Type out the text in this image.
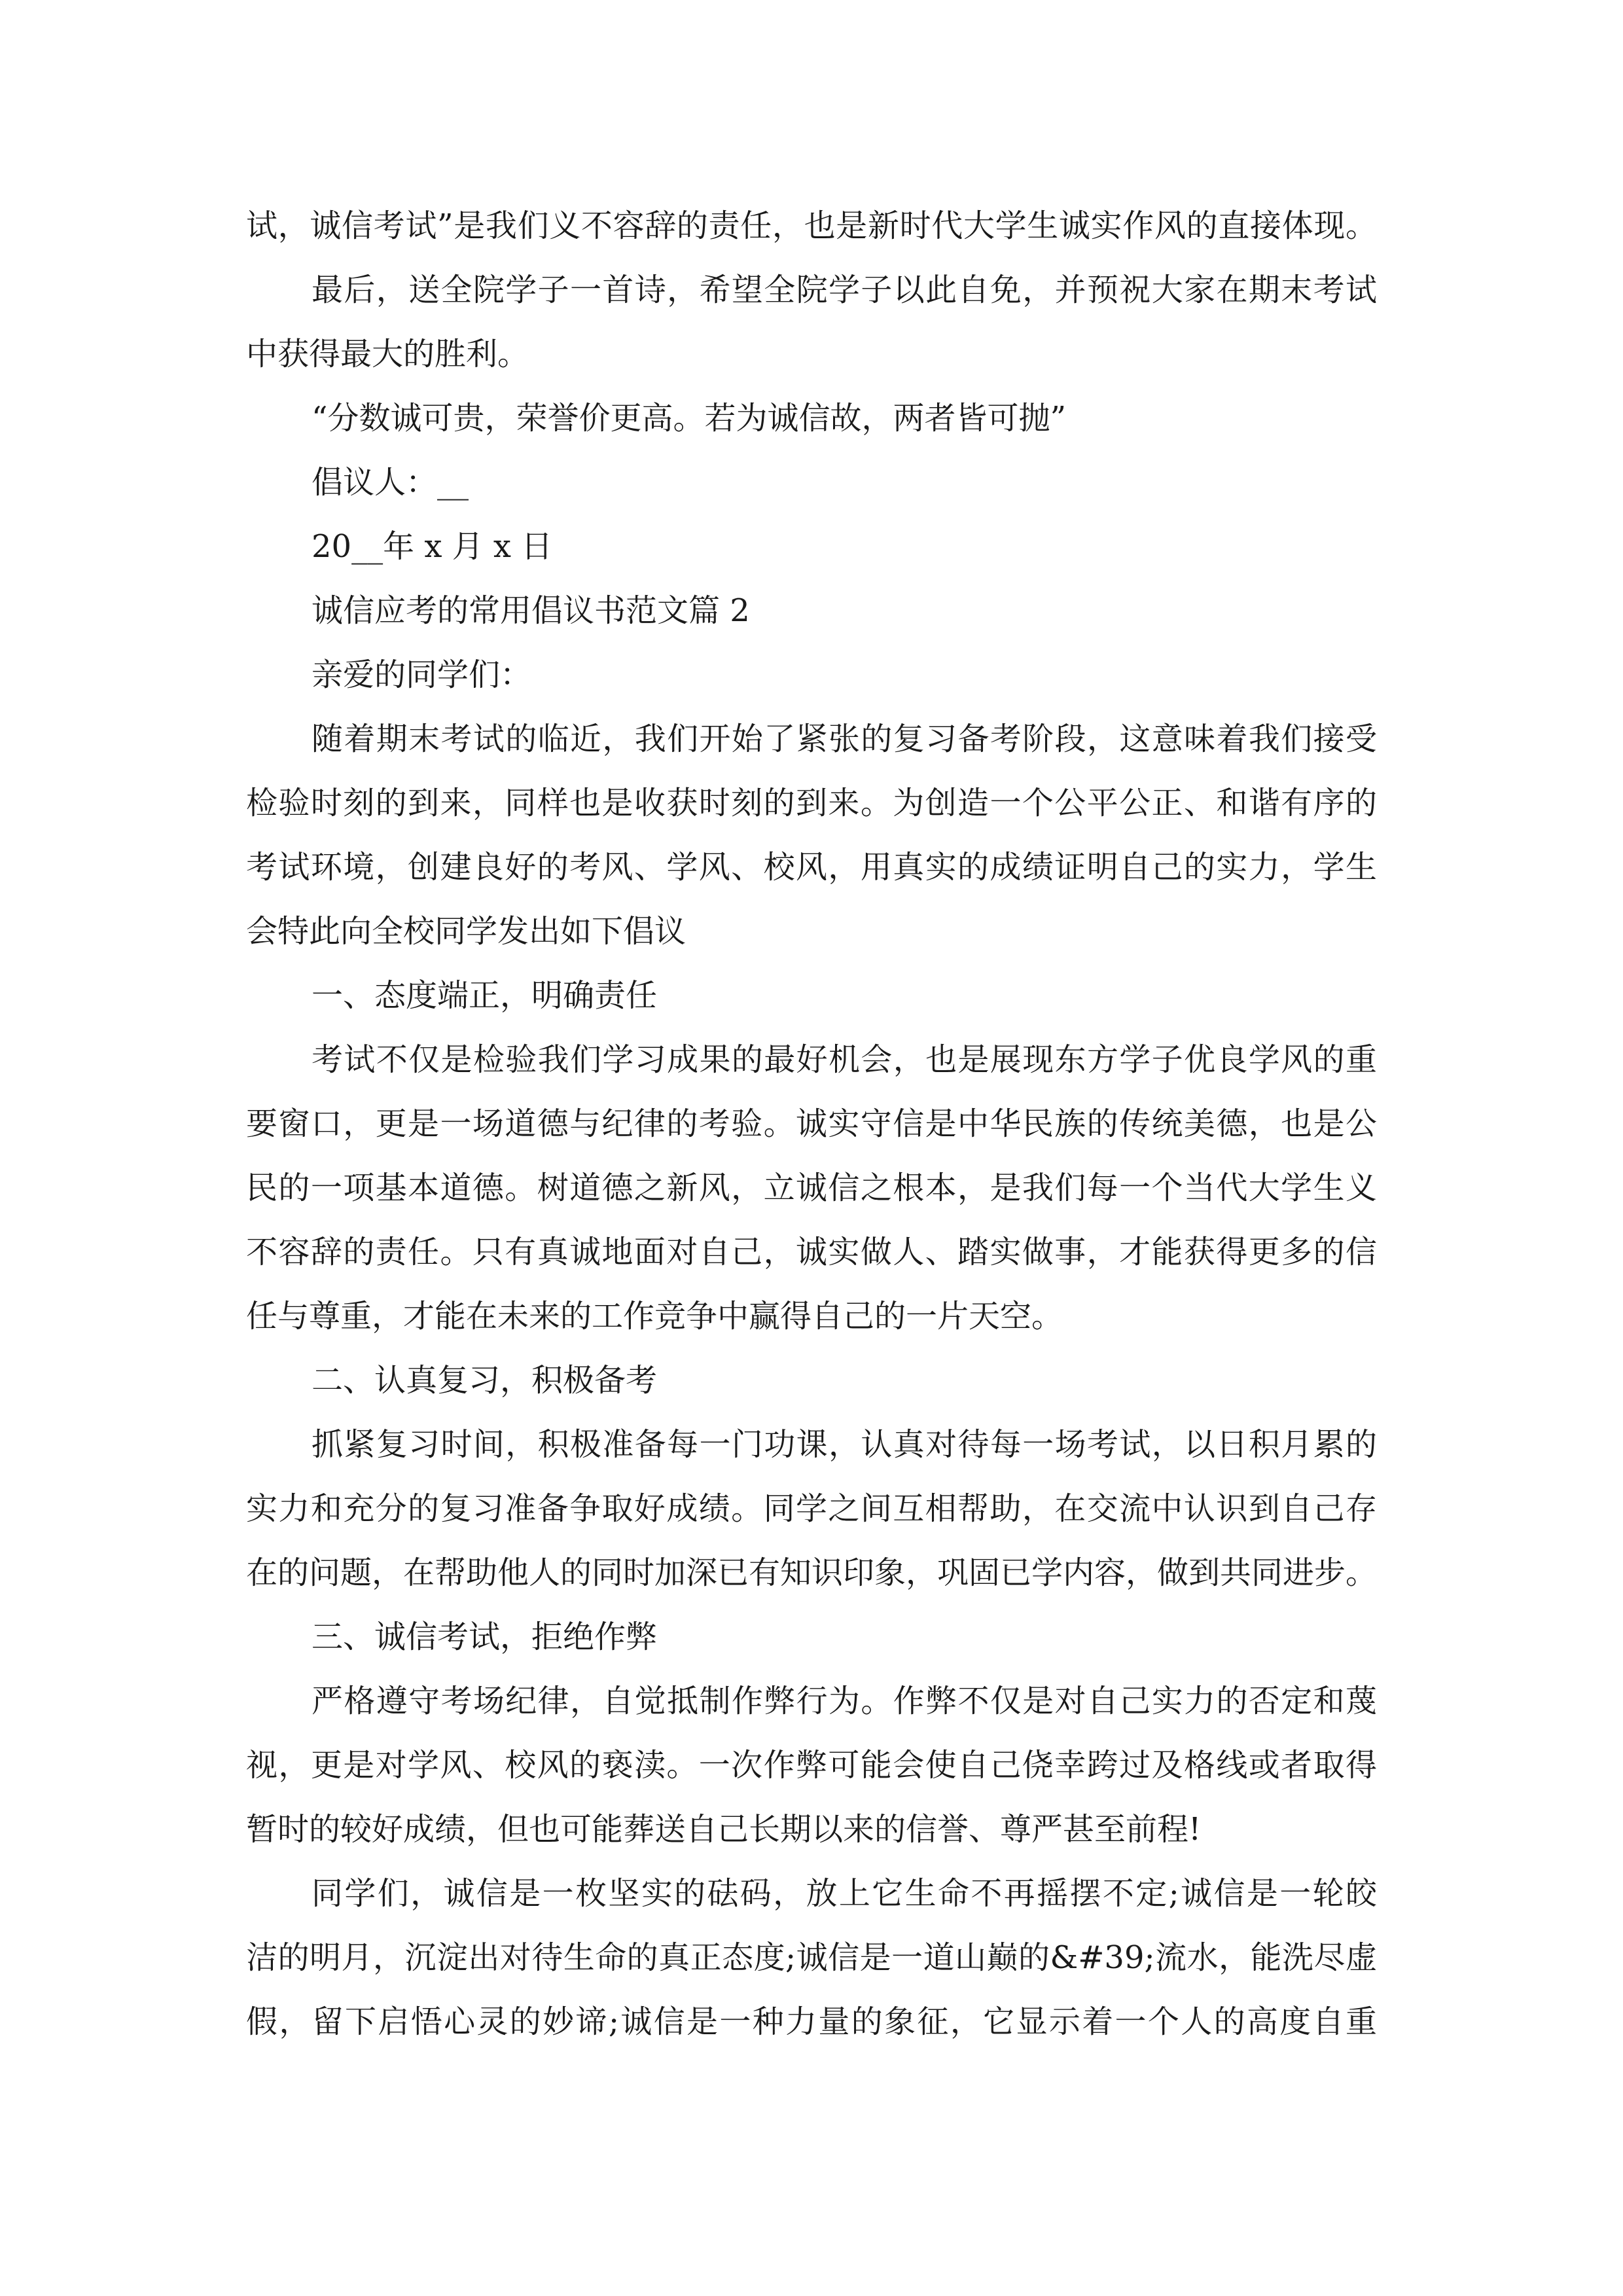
试，诚信考试”是我们义不容辞的责任，也是新时代大学生诚实作风的直接体现。
最后，送全院学子一首诗，希望全院学子以此自免，并预祝大家在期末考试
中获得最大的胜利。
“分数诚可贵，荣誉价更高。若为诚信故，两者皆可抛”
倡议人：__
20__年 x 月 x 日
诚信应考的常用倡议书范文篇 2
亲爱的同学们：
随着期末考试的临近，我们开始了紧张的复习备考阶段，这意味着我们接受
检验时刻的到来，同样也是收获时刻的到来。为创造一个公平公正、和谐有序的
考试环境，创建良好的考风、学风、校风，用真实的成绩证明自己的实力，学生
会特此向全校同学发出如下倡议
一、态度端正，明确责任
考试不仅是检验我们学习成果的最好机会，也是展现东方学子优良学风的重
要窗口，更是一场道德与纪律的考验。诚实守信是中华民族的传统美德，也是公
民的一项基本道德。树道德之新风，立诚信之根本，是我们每一个当代大学生义
不容辞的责任。只有真诚地面对自己，诚实做人、踏实做事，才能获得更多的信
任与尊重，才能在未来的工作竞争中赢得自己的一片天空。
二、认真复习，积极备考
抓紧复习时间，积极准备每一门功课，认真对待每一场考试，以日积月累的
实力和充分的复习准备争取好成绩。同学之间互相帮助，在交流中认识到自己存
在的问题，在帮助他人的同时加深已有知识印象，巩固已学内容，做到共同进步。
三、诚信考试，拒绝作弊
严格遵守考场纪律，自觉抵制作弊行为。作弊不仅是对自己实力的否定和蔑
视，更是对学风、校风的亵渎。一次作弊可能会使自己侥幸跨过及格线或者取得
暂时的较好成绩，但也可能葬送自己长期以来的信誉、尊严甚至前程!
同学们，诚信是一枚坚实的砝码，放上它生命不再摇摆不定;诚信是一轮皎
洁的明月，沉淀出对待生命的真正态度;诚信是一道山巅的&#39;流水，能洗尽虚
假，留下启悟心灵的妙谛;诚信是一种力量的象征，它显示着一个人的高度自重
